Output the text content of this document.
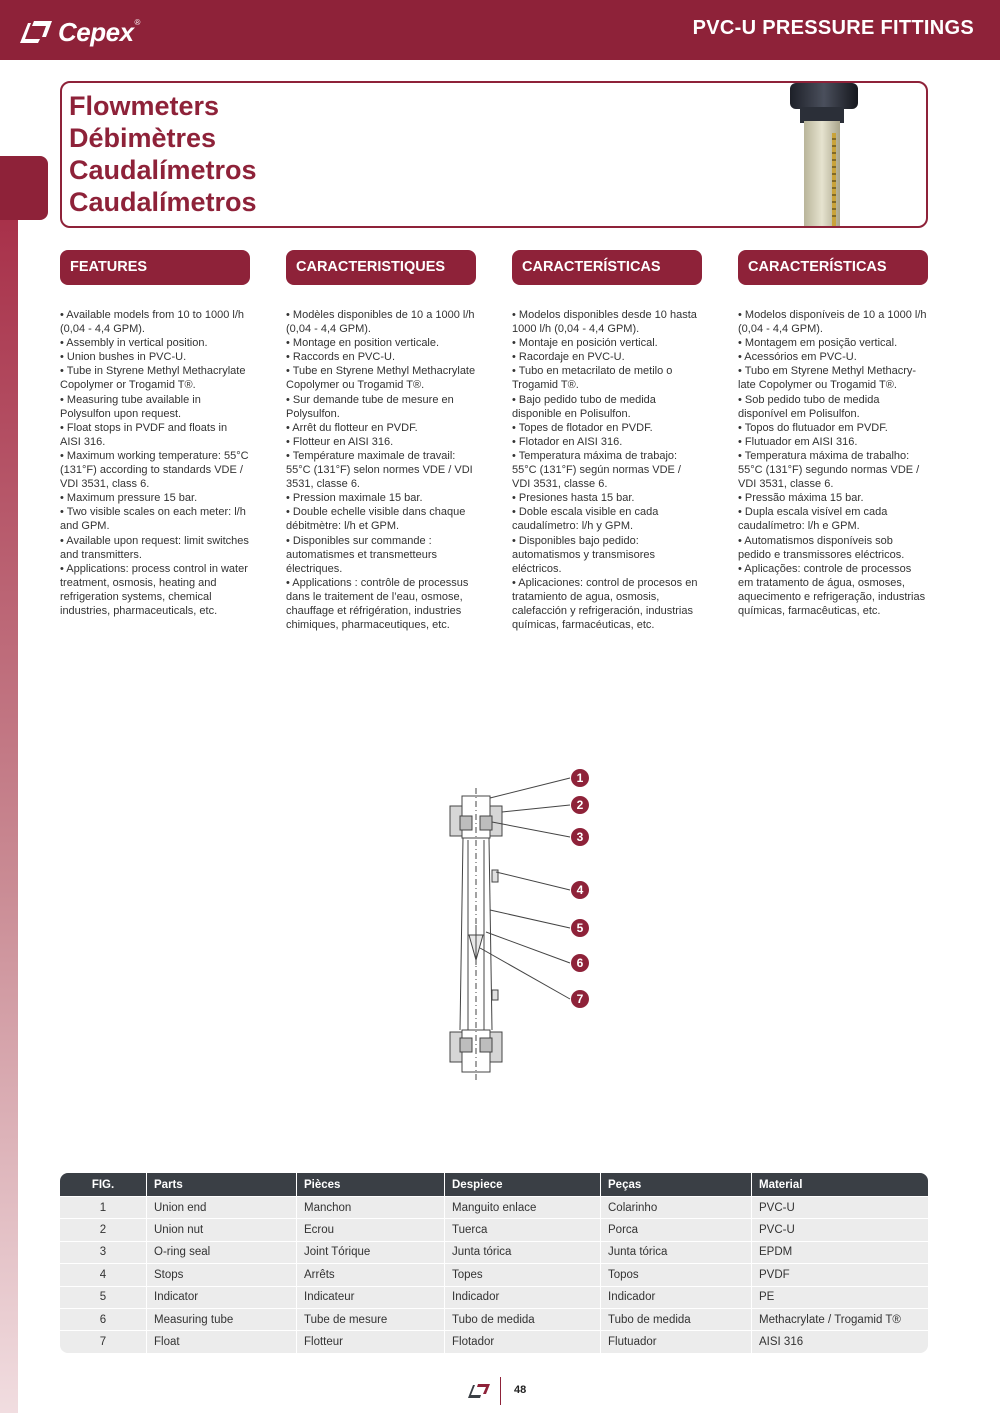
Cepex ®	PVC-U PRESSURE FITTINGS
Flowmeters
Débimètres
Caudalímetros
Caudalímetros
FEATURES
• Available models from 10 to 1000 l/h (0,04 - 4,4 GPM).
• Assembly in vertical position.
• Union bushes in PVC-U.
• Tube in Styrene Methyl Methacrylate Copolymer or Trogamid T®.
• Measuring tube available in Polysulfon upon request.
• Float stops in PVDF and floats in AISI 316.
• Maximum working temperature: 55°C (131°F) according to standards VDE / VDI 3531, class 6.
• Maximum pressure 15 bar.
• Two visible scales on each meter: l/h and GPM.
• Available upon request: limit switches and transmitters.
• Applications: process control in water treatment, osmosis, heating and refrigeration systems, chemical industries, pharmaceuticals, etc.
CARACTERISTIQUES
• Modèles disponibles de 10 a 1000 l/h (0,04 - 4,4 GPM).
• Montage en position verticale.
• Raccords en PVC-U.
• Tube en Styrene Methyl Methacrylate Copolymer ou Trogamid T®.
• Sur demande tube de mesure en Polysulfon.
• Arrêt du flotteur en PVDF.
• Flotteur en AISI 316.
• Température maximale de travail: 55°C (131°F) selon normes VDE / VDI 3531, classe 6.
• Pression maximale 15 bar.
• Double echelle visible dans chaque débitmètre: l/h et GPM.
• Disponibles sur commande : automatismes et transmetteurs électriques.
• Applications : contrôle de processus dans le traitement de l’eau, osmose, chauffage et réfrigération, industries chimiques, pharmaceutiques, etc.
CARACTERÍSTICAS
• Modelos disponibles desde 10 hasta 1000 l/h (0,04 - 4,4 GPM).
• Montaje en posición vertical.
• Racordaje en PVC-U.
• Tubo en metacrilato de metilo o Trogamid T®.
• Bajo pedido tubo de medida disponible en Polisulfon.
• Topes de flotador en PVDF.
• Flotador en AISI 316.
• Temperatura máxima de trabajo: 55°C (131°F) según normas VDE / VDI 3531, classe 6.
• Presiones hasta 15 bar.
• Doble escala visible en cada caudalímetro: l/h y GPM.
• Disponibles bajo pedido: automatismos y transmisores eléctricos.
• Aplicaciones: control de procesos en tratamiento de agua, osmosis, calefacción y refrigeración, industrias químicas, farmacéuticas, etc.
CARACTERÍSTICAS
• Modelos disponíveis de 10 a 1000 l/h (0,04 - 4,4 GPM).
• Montagem em posição vertical.
• Acessórios em PVC-U.
• Tubo em Styrene Methyl Methacry-late Copolymer ou Trogamid T®.
• Sob pedido tubo de medida disponível em Polisulfon.
• Topos do flutuador em PVDF.
• Flutuador em AISI 316.
• Temperatura máxima de trabalho: 55°C (131°F) segundo normas VDE / VDI 3531, classe 6.
• Pressão máxima 15 bar.
• Dupla escala visível em cada caudalímetro: l/h e GPM.
• Automatismos disponíveis sob pedido e transmissores eléctricos.
• Aplicações: controle de processos em tratamento de água, osmoses, aquecimento e refrigeração, industrias químicas, farmacêuticas, etc.
1
2
3
4
5
6
7
FIG.	Parts	Pièces	Despiece	Peças	Material
1	Union end	Manchon	Manguito enlace	Colarinho	PVC-U
2	Union nut	Ecrou	Tuerca	Porca	PVC-U
3	O-ring seal	Joint Tórique	Junta tórica	Junta tórica	EPDM
4	Stops	Arrêts	Topes	Topos	PVDF
5	Indicator	Indicateur	Indicador	Indicador	PE
6	Measuring tube	Tube de mesure	Tubo de medida	Tubo de medida	Methacrylate / Trogamid T®
7	Float	Flotteur	Flotador	Flutuador	AISI 316
48
